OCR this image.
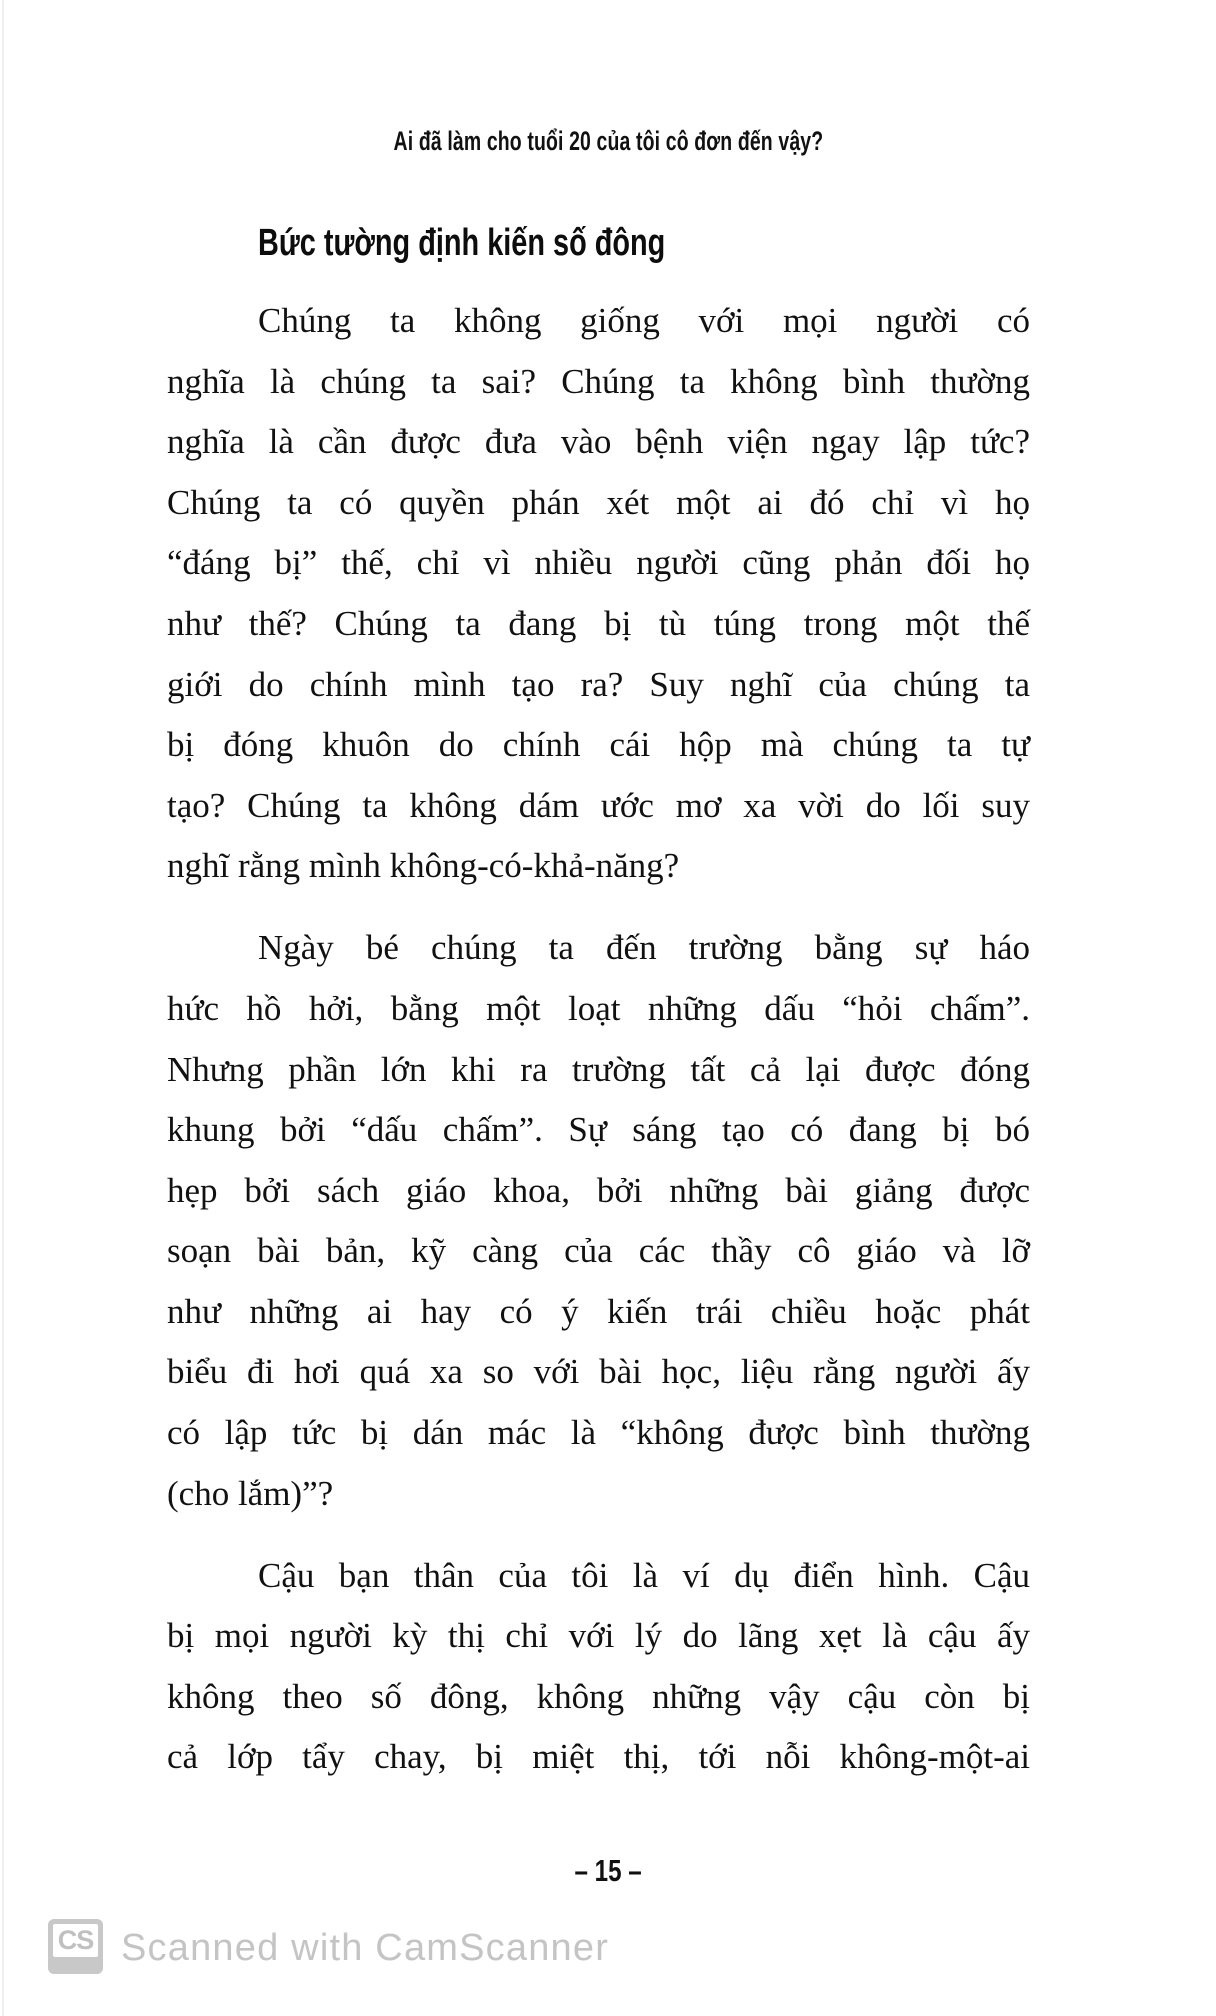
Ai đã làm cho tuổi 20 của tôi cô đơn đến vậy?
Bức tường định kiến số đông
Chúng ta không giống với mọi người có
nghĩa là chúng ta sai? Chúng ta không bình thường
nghĩa là cần được đưa vào bệnh viện ngay lập tức?
Chúng ta có quyền phán xét một ai đó chỉ vì họ
“đáng bị” thế, chỉ vì nhiều người cũng phản đối họ
như thế? Chúng ta đang bị tù túng trong một thế
giới do chính mình tạo ra? Suy nghĩ của chúng ta
bị đóng khuôn do chính cái hộp mà chúng ta tự
tạo? Chúng ta không dám ước mơ xa vời do lối suy
nghĩ rằng mình không-có-khả-năng?
Ngày bé chúng ta đến trường bằng sự háo
hức hồ hởi, bằng một loạt những dấu “hỏi chấm”.
Nhưng phần lớn khi ra trường tất cả lại được đóng
khung bởi “dấu chấm”. Sự sáng tạo có đang bị bó
hẹp bởi sách giáo khoa, bởi những bài giảng được
soạn bài bản, kỹ càng của các thầy cô giáo và lỡ
như những ai hay có ý kiến trái chiều hoặc phát
biểu đi hơi quá xa so với bài học, liệu rằng người ấy
có lập tức bị dán mác là “không được bình thường
(cho lắm)”?
Cậu bạn thân của tôi là ví dụ điển hình. Cậu
bị mọi người kỳ thị chỉ với lý do lãng xẹt là cậu ấy
không theo số đông, không những vậy cậu còn bị
cả lớp tẩy chay, bị miệt thị, tới nỗi không-một-ai
– 15 –
CS Scanned with CamScanner
